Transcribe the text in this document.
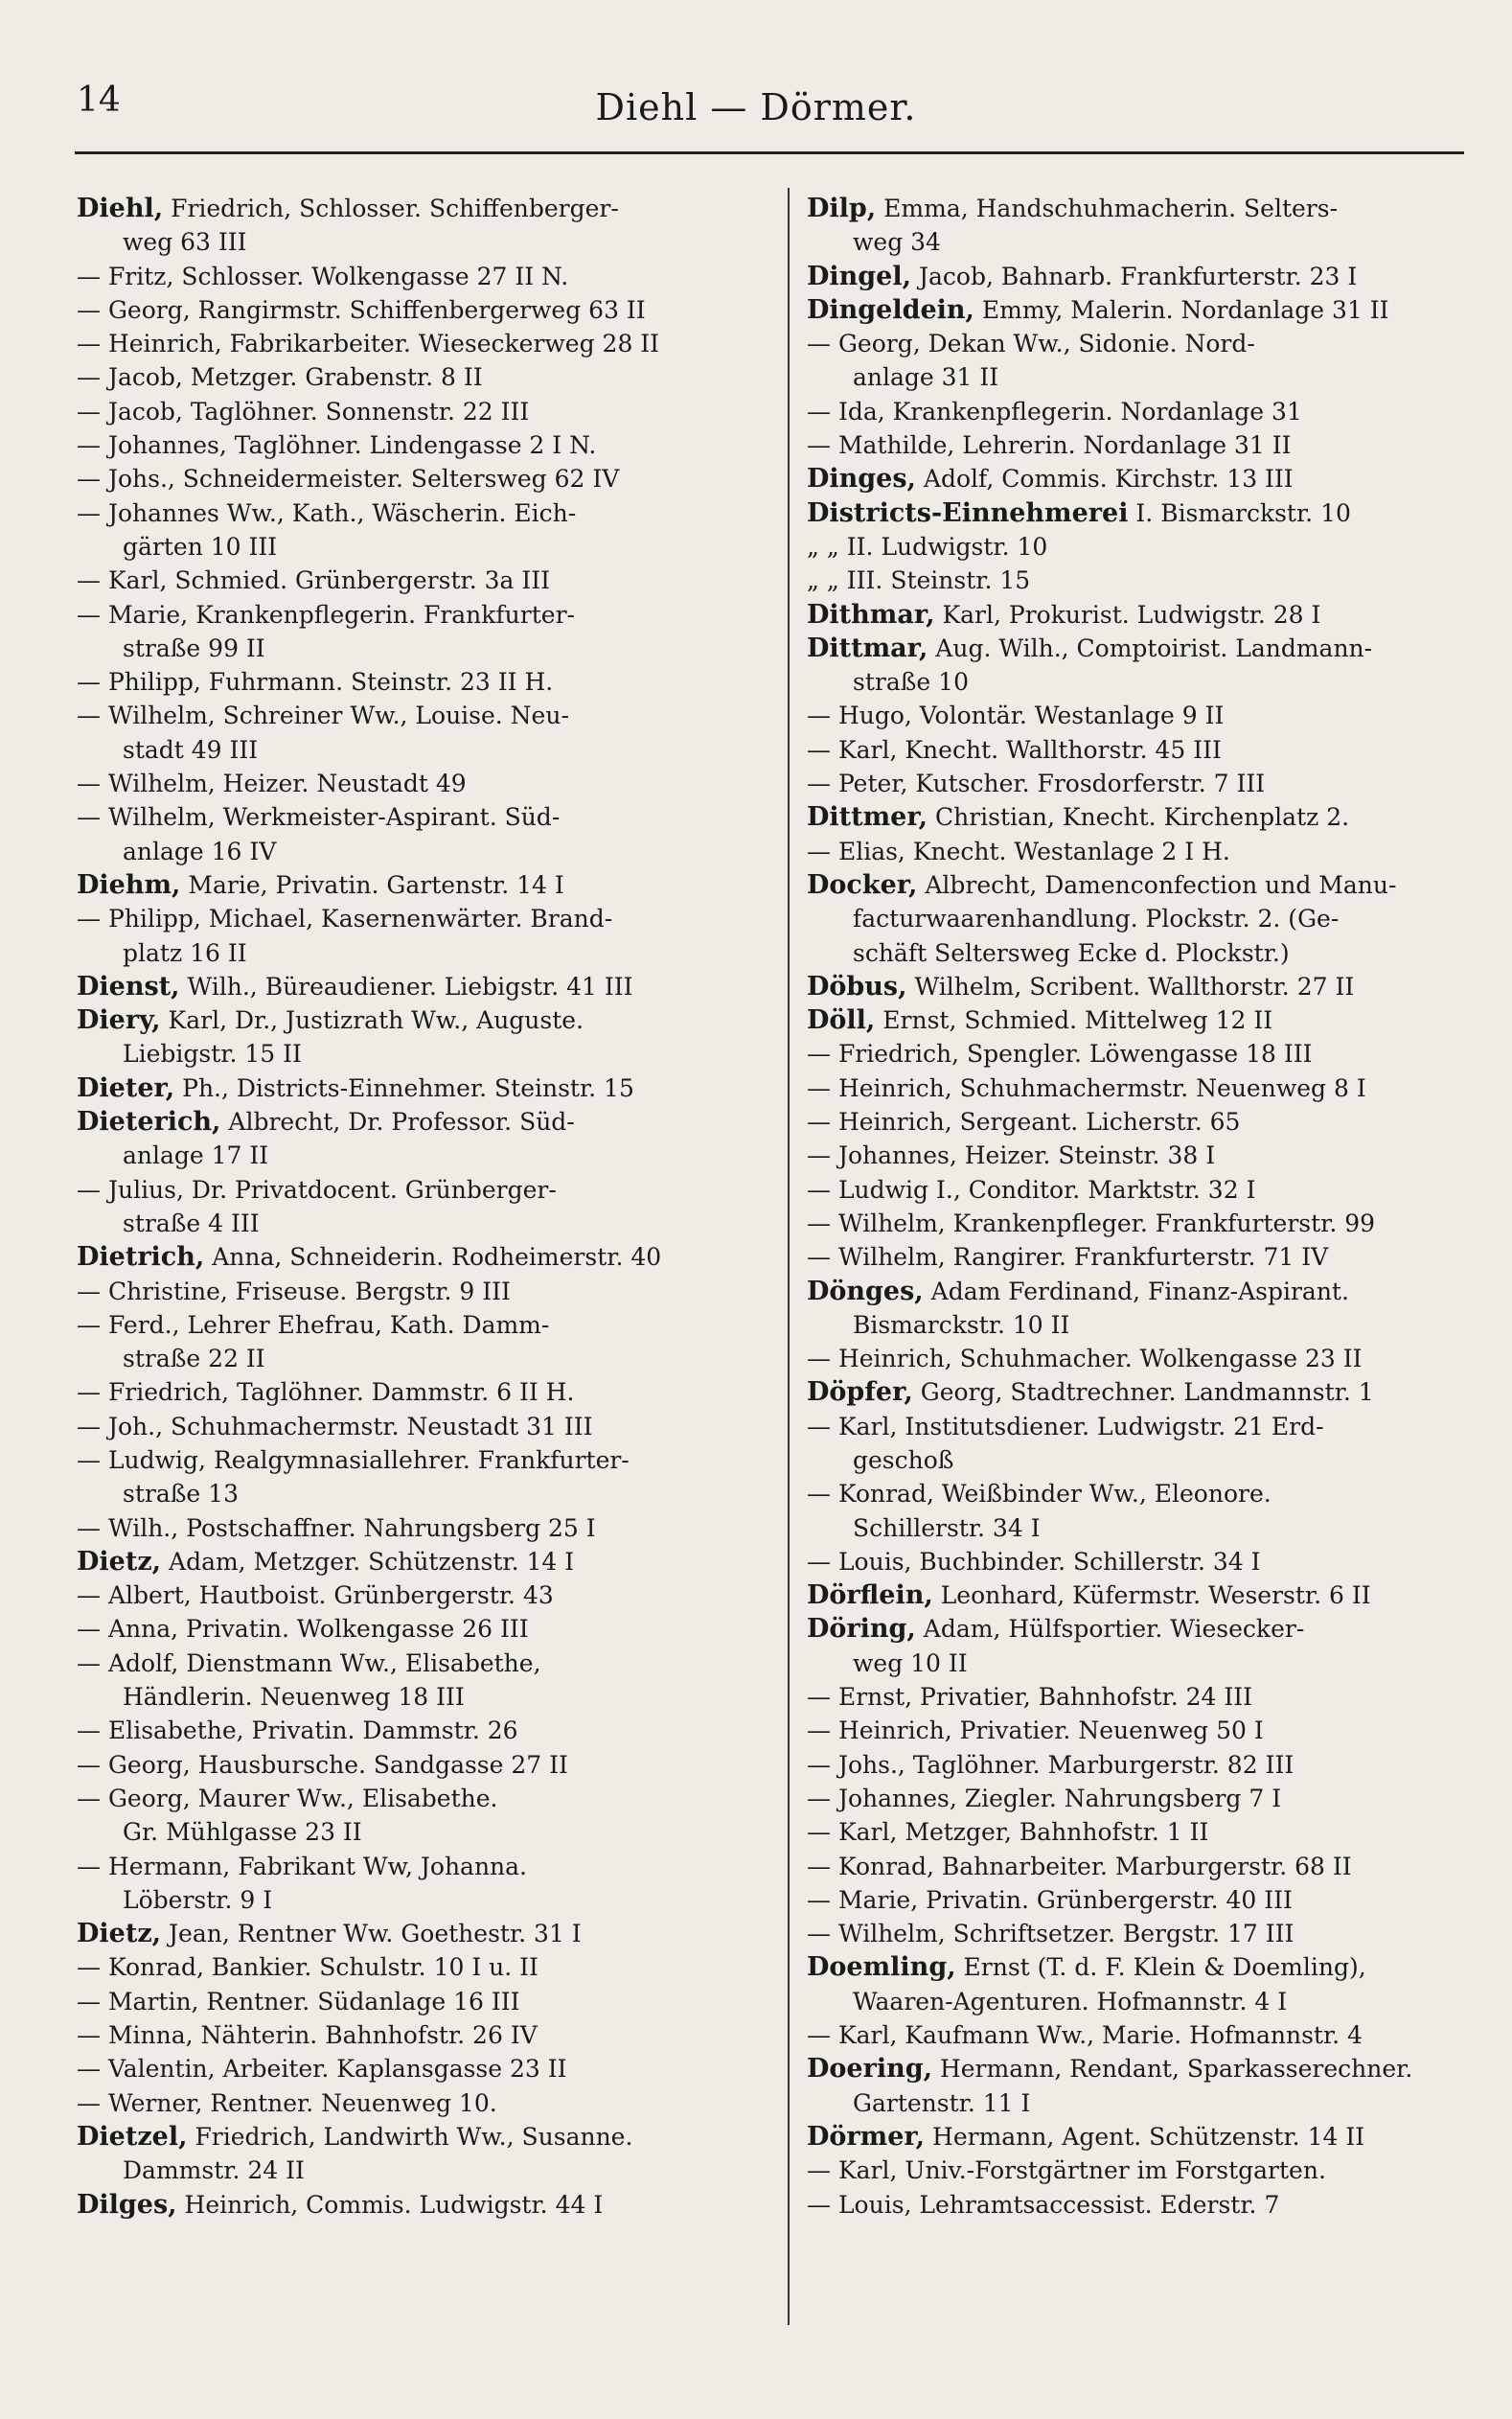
14	Diehl — Dörmer.
Diehl, Friedrich, Schlosser. Schiffenberger-
weg 63 III
— Fritz, Schlosser. Wolkengasse 27 II N.
— Georg, Rangirmstr. Schiffenbergerweg 63 II
— Heinrich, Fabrikarbeiter. Wieseckerweg 28 II
— Jacob, Metzger. Grabenstr. 8 II
— Jacob, Taglöhner. Sonnenstr. 22 III
— Johannes, Taglöhner. Lindengasse 2 I N.
— Johs., Schneidermeister. Seltersweg 62 IV
— Johannes Ww., Kath., Wäscherin. Eich-
gärten 10 III
— Karl, Schmied. Grünbergerstr. 3a III
— Marie, Krankenpflegerin. Frankfurter-
straße 99 II
— Philipp, Fuhrmann. Steinstr. 23 II H.
— Wilhelm, Schreiner Ww., Louise. Neu-
stadt 49 III
— Wilhelm, Heizer. Neustadt 49
— Wilhelm, Werkmeister-Aspirant. Süd-
anlage 16 IV
Diehm, Marie, Privatin. Gartenstr. 14 I
— Philipp, Michael, Kasernenwärter. Brand-
platz 16 II
Dienst, Wilh., Büreaudiener. Liebigstr. 41 III
Diery, Karl, Dr., Justizrath Ww., Auguste.
Liebigstr. 15 II
Dieter, Ph., Districts-Einnehmer. Steinstr. 15
Dieterich, Albrecht, Dr. Professor. Süd-
anlage 17 II
— Julius, Dr. Privatdocent. Grünberger-
straße 4 III
Dietrich, Anna, Schneiderin. Rodheimerstr. 40
— Christine, Friseuse. Bergstr. 9 III
— Ferd., Lehrer Ehefrau, Kath. Damm-
straße 22 II
— Friedrich, Taglöhner. Dammstr. 6 II H.
— Joh., Schuhmachermstr. Neustadt 31 III
— Ludwig, Realgymnasiallehrer. Frankfurter-
straße 13
— Wilh., Postschaffner. Nahrungsberg 25 I
Dietz, Adam, Metzger. Schützenstr. 14 I
— Albert, Hautboist. Grünbergerstr. 43
— Anna, Privatin. Wolkengasse 26 III
— Adolf, Dienstmann Ww., Elisabethe,
Händlerin. Neuenweg 18 III
— Elisabethe, Privatin. Dammstr. 26
— Georg, Hausbursche. Sandgasse 27 II
— Georg, Maurer Ww., Elisabethe.
Gr. Mühlgasse 23 II
— Hermann, Fabrikant Ww, Johanna.
Löberstr. 9 I
Dietz, Jean, Rentner Ww. Goethestr. 31 I
— Konrad, Bankier. Schulstr. 10 I u. II
— Martin, Rentner. Südanlage 16 III
— Minna, Nähterin. Bahnhofstr. 26 IV
— Valentin, Arbeiter. Kaplansgasse 23 II
— Werner, Rentner. Neuenweg 10.
Dietzel, Friedrich, Landwirth Ww., Susanne.
Dammstr. 24 II
Dilges, Heinrich, Commis. Ludwigstr. 44 I
Dilp, Emma, Handschuhmacherin. Selters-
weg 34
Dingel, Jacob, Bahnarb. Frankfurterstr. 23 I
Dingeldein, Emmy, Malerin. Nordanlage 31 II
— Georg, Dekan Ww., Sidonie. Nord-
anlage 31 II
— Ida, Krankenpflegerin. Nordanlage 31
— Mathilde, Lehrerin. Nordanlage 31 II
Dinges, Adolf, Commis. Kirchstr. 13 III
Districts-Einnehmerei I. Bismarckstr. 10
„ „ II. Ludwigstr. 10
„ „ III. Steinstr. 15
Dithmar, Karl, Prokurist. Ludwigstr. 28 I
Dittmar, Aug. Wilh., Comptoirist. Landmann-
straße 10
— Hugo, Volontär. Westanlage 9 II
— Karl, Knecht. Wallthorstr. 45 III
— Peter, Kutscher. Frosdorferstr. 7 III
Dittmer, Christian, Knecht. Kirchenplatz 2.
— Elias, Knecht. Westanlage 2 I H.
Docker, Albrecht, Damenconfection und Manu-
facturwaarenhandlung. Plockstr. 2. (Ge-
schäft Seltersweg Ecke d. Plockstr.)
Döbus, Wilhelm, Scribent. Wallthorstr. 27 II
Döll, Ernst, Schmied. Mittelweg 12 II
— Friedrich, Spengler. Löwengasse 18 III
— Heinrich, Schuhmachermstr. Neuenweg 8 I
— Heinrich, Sergeant. Licherstr. 65
— Johannes, Heizer. Steinstr. 38 I
— Ludwig I., Conditor. Marktstr. 32 I
— Wilhelm, Krankenpfleger. Frankfurterstr. 99
— Wilhelm, Rangirer. Frankfurterstr. 71 IV
Dönges, Adam Ferdinand, Finanz-Aspirant.
Bismarckstr. 10 II
— Heinrich, Schuhmacher. Wolkengasse 23 II
Döpfer, Georg, Stadtrechner. Landmannstr. 1
— Karl, Institutsdiener. Ludwigstr. 21 Erd-
geschoß
— Konrad, Weißbinder Ww., Eleonore.
Schillerstr. 34 I
— Louis, Buchbinder. Schillerstr. 34 I
Dörflein, Leonhard, Küfermstr. Weserstr. 6 II
Döring, Adam, Hülfsportier. Wiesecker-
weg 10 II
— Ernst, Privatier, Bahnhofstr. 24 III
— Heinrich, Privatier. Neuenweg 50 I
— Johs., Taglöhner. Marburgerstr. 82 III
— Johannes, Ziegler. Nahrungsberg 7 I
— Karl, Metzger, Bahnhofstr. 1 II
— Konrad, Bahnarbeiter. Marburgerstr. 68 II
— Marie, Privatin. Grünbergerstr. 40 III
— Wilhelm, Schriftsetzer. Bergstr. 17 III
Doemling, Ernst (T. d. F. Klein & Doemling),
Waaren-Agenturen. Hofmannstr. 4 I
— Karl, Kaufmann Ww., Marie. Hofmannstr. 4
Doering, Hermann, Rendant, Sparkasserechner.
Gartenstr. 11 I
Dörmer, Hermann, Agent. Schützenstr. 14 II
— Karl, Univ.-Forstgärtner im Forstgarten.
— Louis, Lehramtsaccessist. Ederstr. 7
